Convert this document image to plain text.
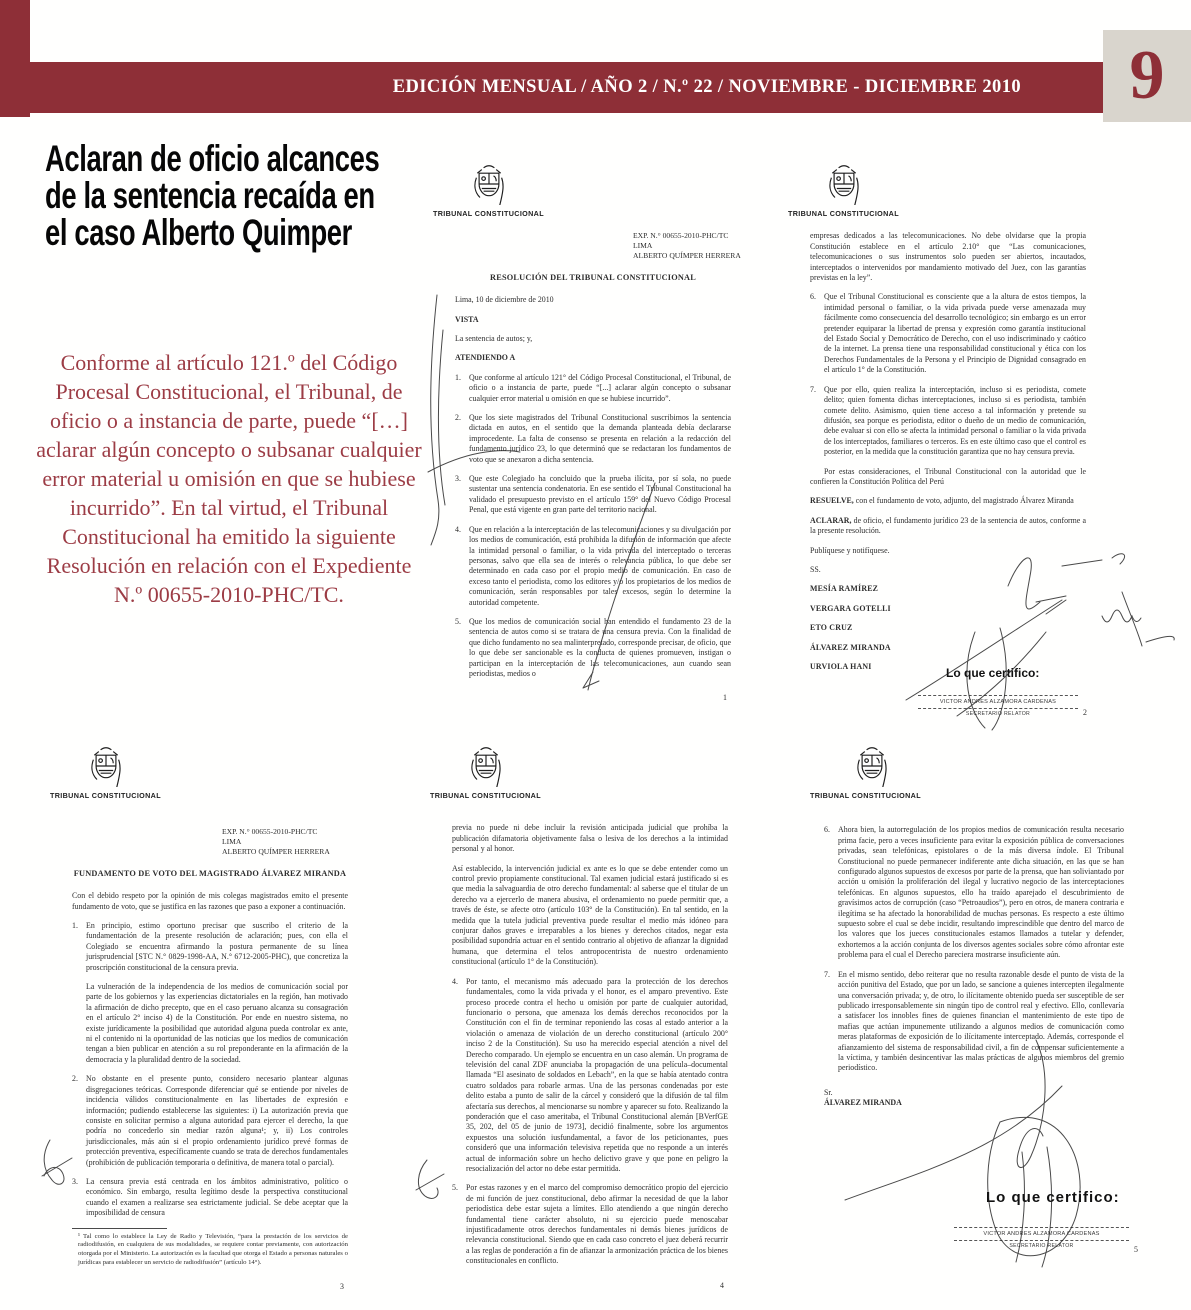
EDICIÓN MENSUAL / AÑO 2 / N.º 22 / NOVIEMBRE - DICIEMBRE 2010 9
Aclaran de oficio alcances
de la sentencia recaída en
el caso Alberto Quimper

Conforme al artículo 121.º del Código Procesal Constitucional, el Tribunal, de oficio o a instancia de parte, puede “[…] aclarar algún concepto o subsanar cualquier error material u omisión en que se hubiese incurrido”. En tal virtud, el Tribunal Constitucional ha emitido la siguiente Resolución en relación con el Expediente N.º 00655-2010-PHC/TC.

TRIBUNAL CONSTITUCIONAL
EXP. N.° 00655-2010-PHC/TC
LIMA
ALBERTO QUÍMPER HERRERA
RESOLUCIÓN DEL TRIBUNAL CONSTITUCIONAL

Lima, 10 de diciembre de 2010

VISTA

La sentencia de autos; y,

ATENDIENDO A
1.	Que conforme al artículo 121° del Código Procesal Constitucional, el Tribunal, de oficio o a instancia de parte, puede “[...] aclarar algún concepto o subsanar cualquier error material u omisión en que se hubiese incurrido”.
2.	Que los siete magistrados del Tribunal Constitucional suscribimos la sentencia dictada en autos, en el sentido que la demanda planteada debía declararse improcedente. La falta de consenso se presenta en relación a la redacción del fundamento jurídico 23, lo que determinó que se redactaran los fundamentos de voto que se anexaron a dicha sentencia.
3.	Que este Colegiado ha concluido que la prueba ilícita, por sí sola, no puede sustentar una sentencia condenatoria. En ese sentido el Tribunal Constitucional ha validado el presupuesto previsto en el artículo 159° del Nuevo Código Procesal Penal, que está vigente en gran parte del territorio nacional.
4.	Que en relación a la interceptación de las telecomunicaciones y su divulgación por los medios de comunicación, está prohibida la difusión de información que afecte la intimidad personal o familiar, o la vida privada del interceptado o terceras personas, salvo que ella sea de interés o relevancia pública, lo que debe ser determinado en cada caso por el propio medio de comunicación. En caso de exceso tanto el periodista, como los editores y/o los propietarios de los medios de comunicación, serán responsables por tales excesos, según lo determine la autoridad competente.
5.	Que los medios de comunicación social han entendido el fundamento 23 de la sentencia de autos como si se tratara de una censura previa. Con la finalidad de que dicho fundamento no sea malinterpretado, corresponde precisar, de oficio, que lo que debe ser sancionable es la conducta de quienes promueven, instigan o participan en la interceptación de las telecomunicaciones, aun cuando sean periodistas, medios o
1
TRIBUNAL CONSTITUCIONAL

empresas dedicados a las telecomunicaciones. No debe olvidarse que la propia Constitución establece en el artículo 2.10° que “Las comunicaciones, telecomunicaciones o sus instrumentos solo pueden ser abiertos, incautados, interceptados o intervenidos por mandamiento motivado del Juez, con las garantías previstas en la ley”.

6.	Que el Tribunal Constitucional es consciente que a la altura de estos tiempos, la intimidad personal o familiar, o la vida privada puede verse amenazada muy fácilmente como consecuencia del desarrollo tecnológico; sin embargo es un error pretender equiparar la libertad de prensa y expresión como garantía institucional del Estado Social y Democrático de Derecho, con el uso indiscriminado y caótico de la internet. La prensa tiene una responsabilidad constitucional y ética con los Derechos Fundamentales de la Persona y el Principio de Dignidad consagrado en el artículo 1° de la Constitución.
7.	Que por ello, quien realiza la interceptación, incluso si es periodista, comete delito; quien fomenta dichas interceptaciones, incluso si es periodista, también comete delito. Asimismo, quien tiene acceso a tal información y pretende su difusión, sea porque es periodista, editor o dueño de un medio de comunicación, debe evaluar si con ello se afecta la intimidad personal o familiar o la vida privada de los interceptados, familiares o terceros. Es en este último caso que el control es posterior, en la medida que la constitución garantiza que no hay censura previa.

Por estas consideraciones, el Tribunal Constitucional con la autoridad que le confieren la Constitución Política del Perú

RESUELVE, con el fundamento de voto, adjunto, del magistrado Álvarez Miranda

ACLARAR, de oficio, el fundamento jurídico 23 de la sentencia de autos, conforme a la presente resolución.

Publíquese y notifíquese.

SS.

MESÍA RAMÍREZ
VERGARA GOTELLI
ETO CRUZ
ÁLVAREZ MIRANDA
URVIOLA HANI	Lo que certifico:
VICTOR ANDRES ALZAMORA CARDENAS
SECRETARIO RELATOR	2
TRIBUNAL CONSTITUCIONAL
EXP. N.° 00655-2010-PHC/TC
LIMA
ALBERTO QUÍMPER HERRERA
FUNDAMENTO DE VOTO DEL MAGISTRADO ÁLVAREZ MIRANDA

Con el debido respeto por la opinión de mis colegas magistrados emito el presente fundamento de voto, que se justifica en las razones que paso a exponer a continuación.

1.	En principio, estimo oportuno precisar que suscribo el criterio de la fundamentación de la presente resolución de aclaración; pues, con ella el Colegiado se encuentra afirmando la postura permanente de su línea jurisprudencial [STC N.° 0829-1998-AA, N.° 6712-2005-PHC), que concretiza la proscripción constitucional de la censura previa.
La vulneración de la independencia de los medios de comunicación social por parte de los gobiernos y las experiencias dictatoriales en la región, han motivado la afirmación de dicho precepto, que en el caso peruano alcanza su consagración en el artículo 2° inciso 4) de la Constitución. Por ende en nuestro sistema, no existe jurídicamente la posibilidad que autoridad alguna pueda controlar ex ante, ni el contenido ni la oportunidad de las noticias que los medios de comunicación tengan a bien publicar en atención a su rol preponderante en la afirmación de la democracia y la pluralidad dentro de la sociedad.
2.	No obstante en el presente punto, considero necesario plantear algunas disgregaciones teóricas. Corresponde diferenciar qué se entiende por niveles de incidencia válidos constitucionalmente en las libertades de expresión e información; pudiendo establecerse las siguientes: i) La autorización previa que consiste en solicitar permiso a alguna autoridad para ejercer el derecho, la que podría no concederlo sin mediar razón alguna¹; y, ii) Los controles jurisdiccionales, más aún si el propio ordenamiento jurídico prevé formas de protección preventiva, específicamente cuando se trata de derechos fundamentales (prohibición de publicación temporaria o definitiva, de manera total o parcial).
3.	La censura previa está centrada en los ámbitos administrativo, político o económico. Sin embargo, resulta legítimo desde la perspectiva constitucional cuando el examen a realizarse sea estrictamente judicial. Se debe aceptar que la imposibilidad de censura
¹ Tal como lo establece la Ley de Radio y Televisión, “para la prestación de los servicios de radiodifusión, en cualquiera de sus modalidades, se requiere contar previamente, con autorización otorgada por el Ministerio. La autorización es la facultad que otorga el Estado a personas naturales o jurídicas para establecer un servicio de radiodifusión” (artículo 14°).
3
TRIBUNAL CONSTITUCIONAL

previa no puede ni debe incluir la revisión anticipada judicial que prohíba la publicación difamatoria objetivamente falsa o lesiva de los derechos a la intimidad personal y al honor.

Así establecido, la intervención judicial ex ante es lo que se debe entender como un control previo propiamente constitucional. Tal examen judicial estará justificado si es que media la salvaguardia de otro derecho fundamental: al saberse que el titular de un derecho va a ejercerlo de manera abusiva, el ordenamiento no puede permitir que, a través de éste, se afecte otro (artículo 103° de la Constitución). En tal sentido, en la medida que la tutela judicial preventiva puede resultar el medio más idóneo para conjurar daños graves e irreparables a los bienes y derechos citados, negar esta posibilidad supondría actuar en el sentido contrario al objetivo de afianzar la dignidad humana, que determina el telos antropocentrista de nuestro ordenamiento constitucional (artículo 1° de la Constitución).

4.	Por tanto, el mecanismo más adecuado para la protección de los derechos fundamentales, como la vida privada y el honor, es el amparo preventivo. Este proceso procede contra el hecho u omisión por parte de cualquier autoridad, funcionario o persona, que amenaza los demás derechos reconocidos por la Constitución con el fin de terminar reponiendo las cosas al estado anterior a la violación o amenaza de violación de un derecho constitucional (artículo 200° inciso 2 de la Constitución). Su uso ha merecido especial atención a nivel del Derecho comparado. Un ejemplo se encuentra en un caso alemán. Un programa de televisión del canal ZDF anunciaba la propagación de una película–documental llamada “El asesinato de soldados en Lebach”, en la que se había atentado contra cuatro soldados para robarle armas. Una de las personas condenadas por este delito estaba a punto de salir de la cárcel y consideró que la difusión de tal film afectaría sus derechos, al mencionarse su nombre y aparecer su foto. Realizando la ponderación que el caso ameritaba, el Tribunal Constitucional alemán [BVerfGE 35, 202, del 05 de junio de 1973], decidió finalmente, sobre los argumentos expuestos una solución iusfundamental, a favor de los peticionantes, pues consideró que una información televisiva repetida que no responde a un interés actual de información sobre un hecho delictivo grave y que pone en peligro la resocialización del actor no debe estar permitida.
5.	Por estas razones y en el marco del compromiso democrático propio del ejercicio de mi función de juez constitucional, debo afirmar la necesidad de que la labor periodística debe estar sujeta a límites. Ello atendiendo a que ningún derecho fundamental tiene carácter absoluto, ni su ejercicio puede menoscabar injustificadamente otros derechos fundamentales ni demás bienes jurídicos de relevancia constitucional. Siendo que en cada caso concreto el juez deberá recurrir a las reglas de ponderación a fin de afianzar la armonización práctica de los bienes constitucionales en conflicto.
4
TRIBUNAL CONSTITUCIONAL
6.	Ahora bien, la autorregulación de los propios medios de comunicación resulta necesario prima facie, pero a veces insuficiente para evitar la exposición pública de conversaciones privadas, sean telefónicas, epistolares o de la más diversa índole. El Tribunal Constitucional no puede permanecer indiferente ante dicha situación, en las que se han configurado algunos supuestos de excesos por parte de la prensa, que han soliviantado por acción u omisión la proliferación del ilegal y lucrativo negocio de las interceptaciones telefónicas. En algunos supuestos, ello ha traído aparejado el descubrimiento de gravísimos actos de corrupción (caso “Petroaudios”), pero en otros, de manera contraria e ilegítima se ha afectado la honorabilidad de muchas personas. Es respecto a este último supuesto sobre el cual se debe incidir, resultando imprescindible que dentro del marco de los valores que los jueces constitucionales estamos llamados a tutelar y defender, exhortemos a la acción conjunta de los diversos agentes sociales sobre cómo afrontar este problema para el cual el Derecho pareciera mostrarse insuficiente aún.
7.	En el mismo sentido, debo reiterar que no resulta razonable desde el punto de vista de la acción punitiva del Estado, que por un lado, se sancione a quienes intercepten ilegalmente una conversación privada; y, de otro, lo ilícitamente obtenido pueda ser susceptible de ser publicado irresponsablemente sin ningún tipo de control real y efectivo. Ello, conllevaría a satisfacer los innobles fines de quienes financian el mantenimiento de este tipo de mafias que actúan impunemente utilizando a algunos medios de comunicación como meras plataformas de exposición de lo ilícitamente interceptado. Además, corresponde el afianzamiento del sistema de responsabilidad civil, a fin de compensar suficientemente a la víctima, y también desincentivar las malas prácticas de algunos miembros del gremio periodístico.

Sr.

ÁLVAREZ MIRANDA

Lo que certifico:
VICTOR ANDRES ALZAMORA CARDENAS
SECRETARIO RELATOR	5
